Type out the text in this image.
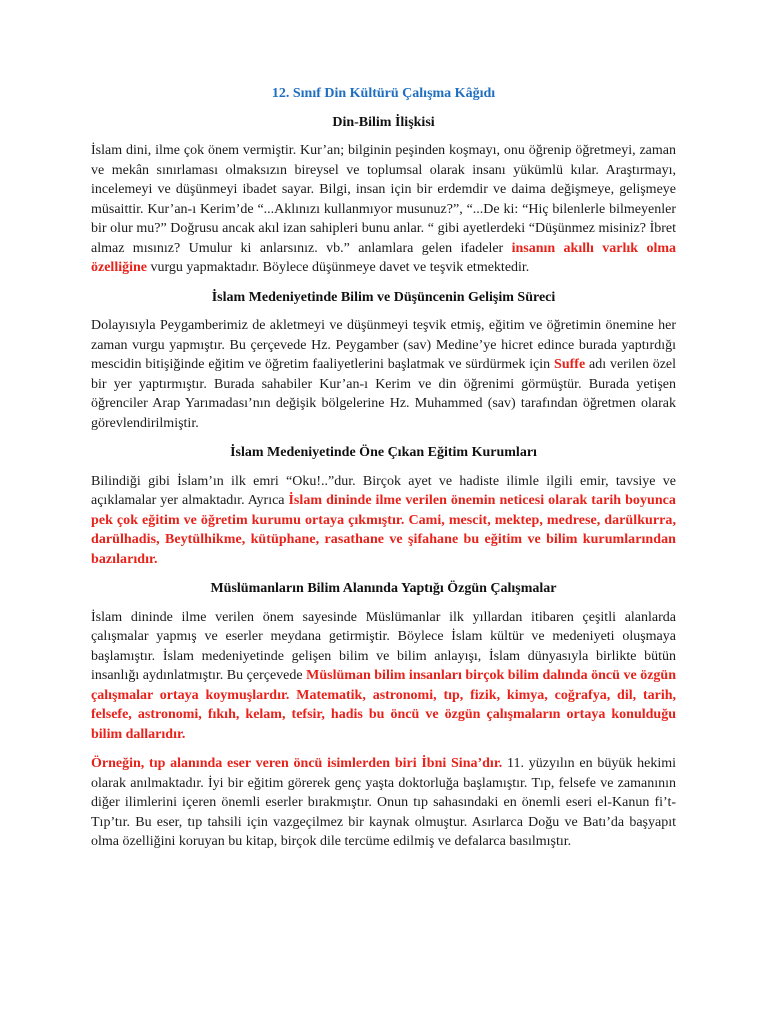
12. Sınıf Din Kültürü Çalışma Kâğıdı
Din-Bilim İlişkisi

İslam dini, ilme çok önem vermiştir. Kur’an; bilginin peşinden koşmayı, onu öğrenip öğretmeyi, zaman ve mekân sınırlaması olmaksızın bireysel ve toplumsal olarak insanı yükümlü kılar. Araştırmayı, incelemeyi ve düşünmeyi ibadet sayar. Bilgi, insan için bir erdemdir ve daima değişmeye, gelişmeye müsaittir. Kur’an-ı Kerim’de “...Aklınızı kullanmıyor musunuz?”, “...De ki: “Hiç bilenlerle bilmeyenler bir olur mu?” Doğrusu ancak akıl izan sahipleri bunu anlar. “ gibi ayetlerdeki “Düşünmez misiniz? İbret almaz mısınız? Umulur ki anlarsınız. vb.” anlamlara gelen ifadeler insanın akıllı varlık olma özelliğine vurgu yapmaktadır. Böylece düşünmeye davet ve teşvik etmektedir.

İslam Medeniyetinde Bilim ve Düşüncenin Gelişim Süreci

Dolayısıyla Peygamberimiz de akletmeyi ve düşünmeyi teşvik etmiş, eğitim ve öğretimin önemine her zaman vurgu yapmıştır. Bu çerçevede Hz. Peygamber (sav) Medine’ye hicret edince burada yaptırdığı mescidin bitişiğinde eğitim ve öğretim faaliyetlerini başlatmak ve sürdürmek için Suffe adı verilen özel bir yer yaptırmıştır. Burada sahabiler Kur’an-ı Kerim ve din öğrenimi görmüştür. Burada yetişen öğrenciler Arap Yarımadası’nın değişik bölgelerine Hz. Muhammed (sav) tarafından öğretmen olarak görevlendirilmiştir.

İslam Medeniyetinde Öne Çıkan Eğitim Kurumları

Bilindiği gibi İslam’ın ilk emri “Oku!..”dur. Birçok ayet ve hadiste ilimle ilgili emir, tavsiye ve açıklamalar yer almaktadır. Ayrıca İslam dininde ilme verilen önemin neticesi olarak tarih boyunca pek çok eğitim ve öğretim kurumu ortaya çıkmıştır. Cami, mescit, mektep, medrese, darülkurra, darülhadis, Beytülhikme, kütüphane, rasathane ve şifahane bu eğitim ve bilim kurumlarından bazılarıdır.

Müslümanların Bilim Alanında Yaptığı Özgün Çalışmalar

İslam dininde ilme verilen önem sayesinde Müslümanlar ilk yıllardan itibaren çeşitli alanlarda çalışmalar yapmış ve eserler meydana getirmiştir. Böylece İslam kültür ve medeniyeti oluşmaya başlamıştır. İslam medeniyetinde gelişen bilim ve bilim anlayışı, İslam dünyasıyla birlikte bütün insanlığı aydınlatmıştır. Bu çerçevede Müslüman bilim insanları birçok bilim dalında öncü ve özgün çalışmalar ortaya koymuşlardır. Matematik, astronomi, tıp, fizik, kimya, coğrafya, dil, tarih, felsefe, astronomi, fıkıh, kelam, tefsir, hadis bu öncü ve özgün çalışmaların ortaya konulduğu bilim dallarıdır.

Örneğin, tıp alanında eser veren öncü isimlerden biri İbni Sina’dır. 11. yüzyılın en büyük hekimi olarak anılmaktadır. İyi bir eğitim görerek genç yaşta doktorluğa başlamıştır. Tıp, felsefe ve zamanının diğer ilimlerini içeren önemli eserler bırakmıştır. Onun tıp sahasındaki en önemli eseri el-Kanun fi’t-Tıp’tır. Bu eser, tıp tahsili için vazgeçilmez bir kaynak olmuştur. Asırlarca Doğu ve Batı’da başyapıt olma özelliğini koruyan bu kitap, birçok dile tercüme edilmiş ve defalarca basılmıştır.
